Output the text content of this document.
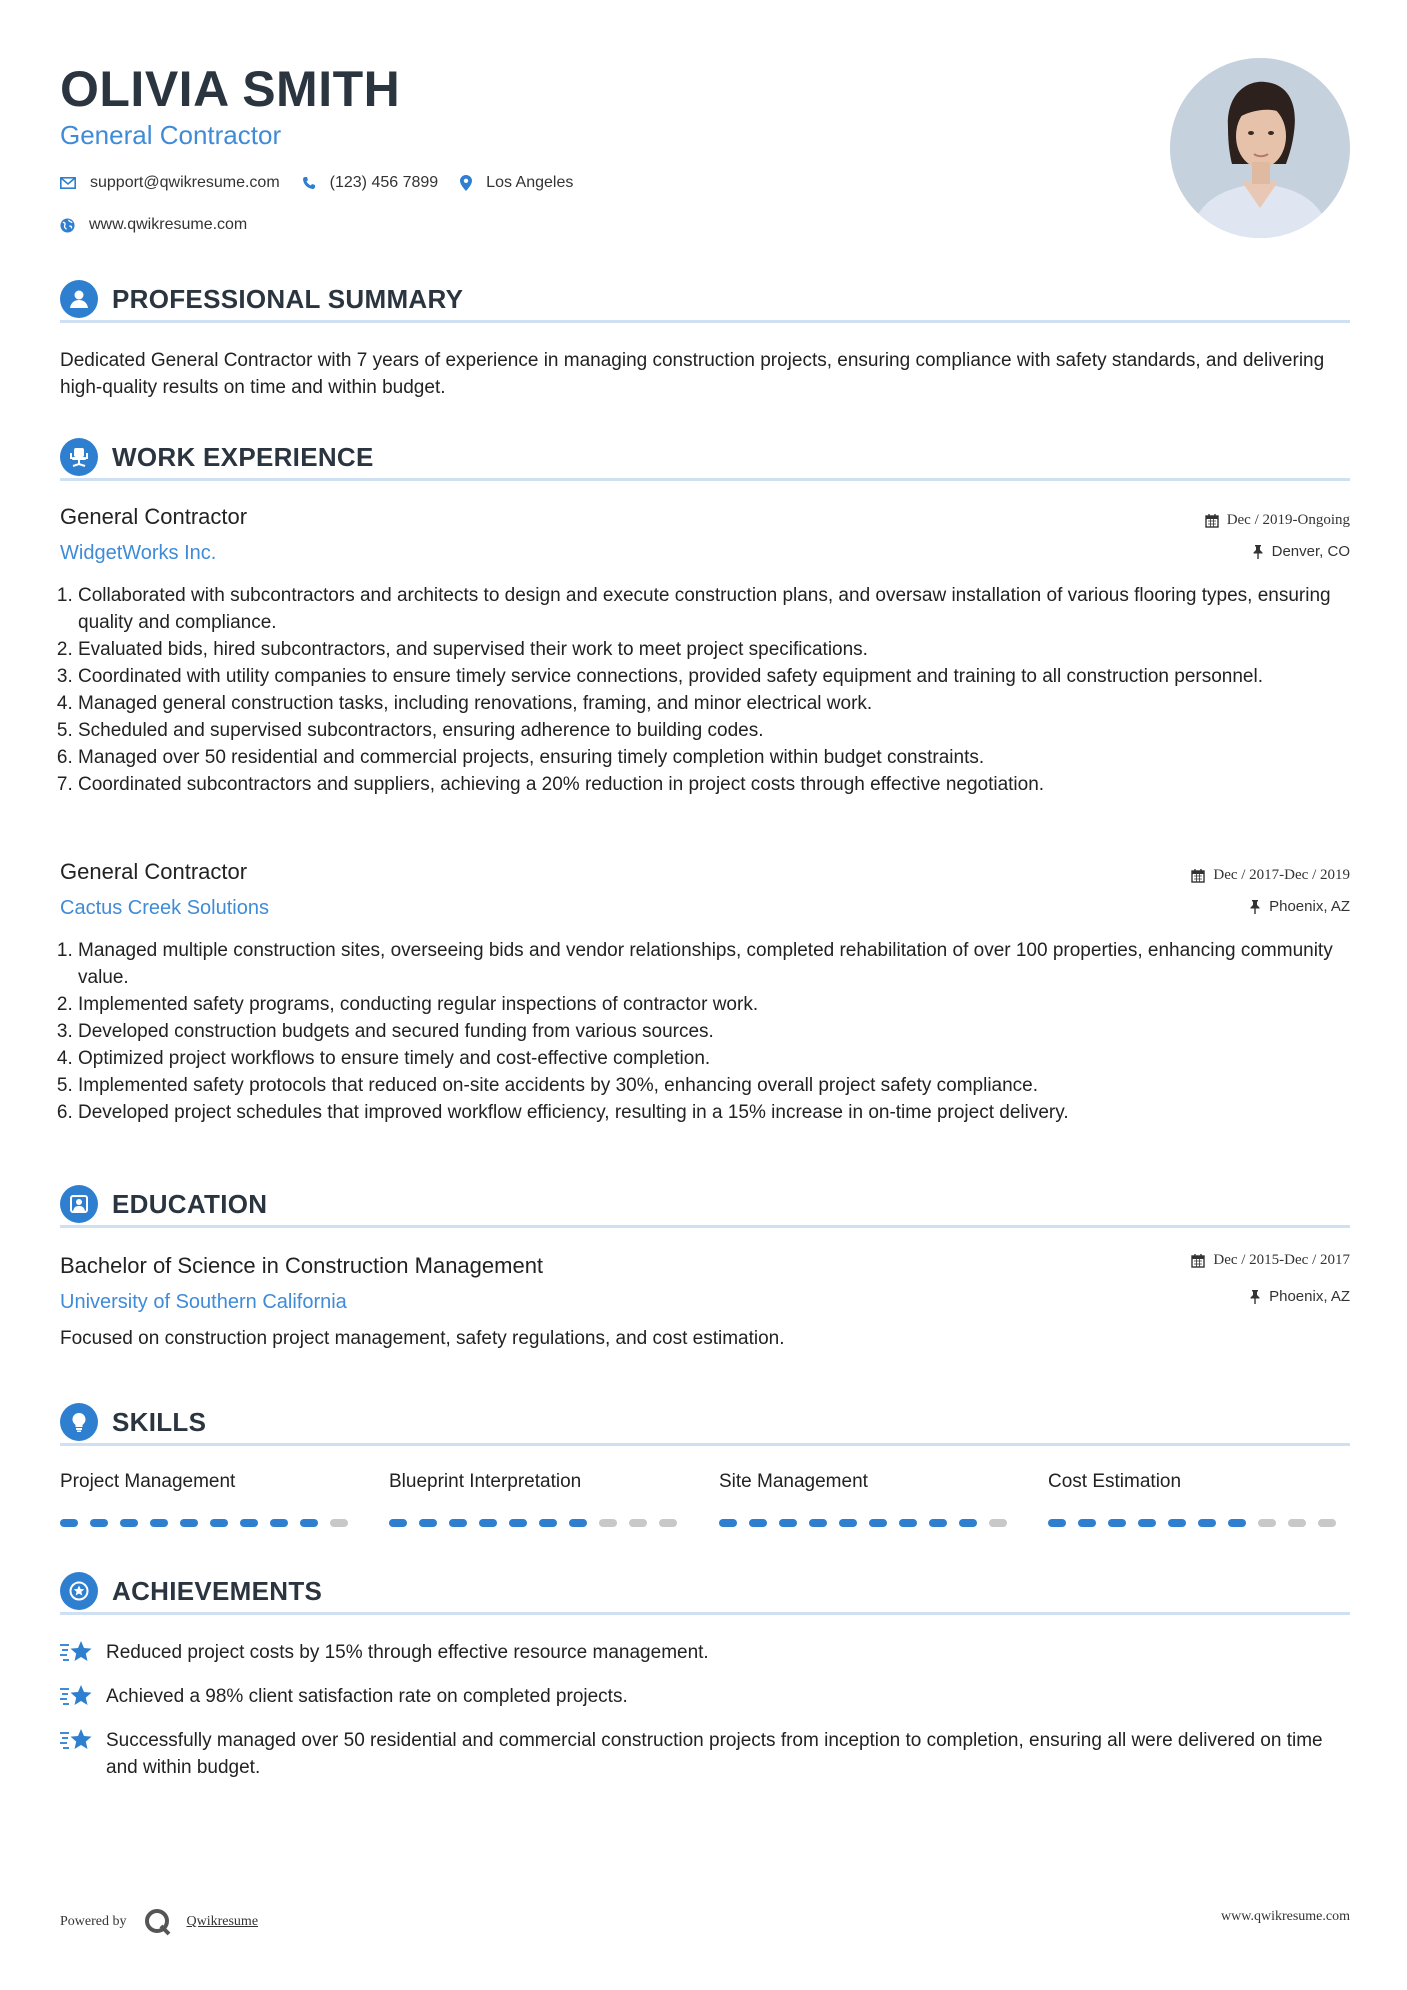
OLIVIA SMITH
General Contractor
support@qwikresume.com	(123) 456 7899	Los Angeles
www.qwikresume.com
PROFESSIONAL SUMMARY
Dedicated General Contractor with 7 years of experience in managing construction projects, ensuring compliance with safety standards, and delivering high-quality results on time and within budget.
WORK EXPERIENCE
General Contractor
WidgetWorks Inc.
Dec / 2019-Ongoing
Denver, CO
1. Collaborated with subcontractors and architects to design and execute construction plans, and oversaw installation of various flooring types, ensuring quality and compliance.
2. Evaluated bids, hired subcontractors, and supervised their work to meet project specifications.
3. Coordinated with utility companies to ensure timely service connections, provided safety equipment and training to all construction personnel.
4. Managed general construction tasks, including renovations, framing, and minor electrical work.
5. Scheduled and supervised subcontractors, ensuring adherence to building codes.
6. Managed over 50 residential and commercial projects, ensuring timely completion within budget constraints.
7. Coordinated subcontractors and suppliers, achieving a 20% reduction in project costs through effective negotiation.
General Contractor
Cactus Creek Solutions
Dec / 2017-Dec / 2019
Phoenix, AZ
1. Managed multiple construction sites, overseeing bids and vendor relationships, completed rehabilitation of over 100 properties, enhancing community value.
2. Implemented safety programs, conducting regular inspections of contractor work.
3. Developed construction budgets and secured funding from various sources.
4. Optimized project workflows to ensure timely and cost-effective completion.
5. Implemented safety protocols that reduced on-site accidents by 30%, enhancing overall project safety compliance.
6. Developed project schedules that improved workflow efficiency, resulting in a 15% increase in on-time project delivery.
EDUCATION
Bachelor of Science in Construction Management
University of Southern California
Dec / 2015-Dec / 2017
Phoenix, AZ
Focused on construction project management, safety regulations, and cost estimation.
SKILLS
Project Management	Blueprint Interpretation	Site Management	Cost Estimation
ACHIEVEMENTS
Reduced project costs by 15% through effective resource management.
Achieved a 98% client satisfaction rate on completed projects.
Successfully managed over 50 residential and commercial construction projects from inception to completion, ensuring all were delivered on time and within budget.
Powered by	Qwikresume	www.qwikresume.com
